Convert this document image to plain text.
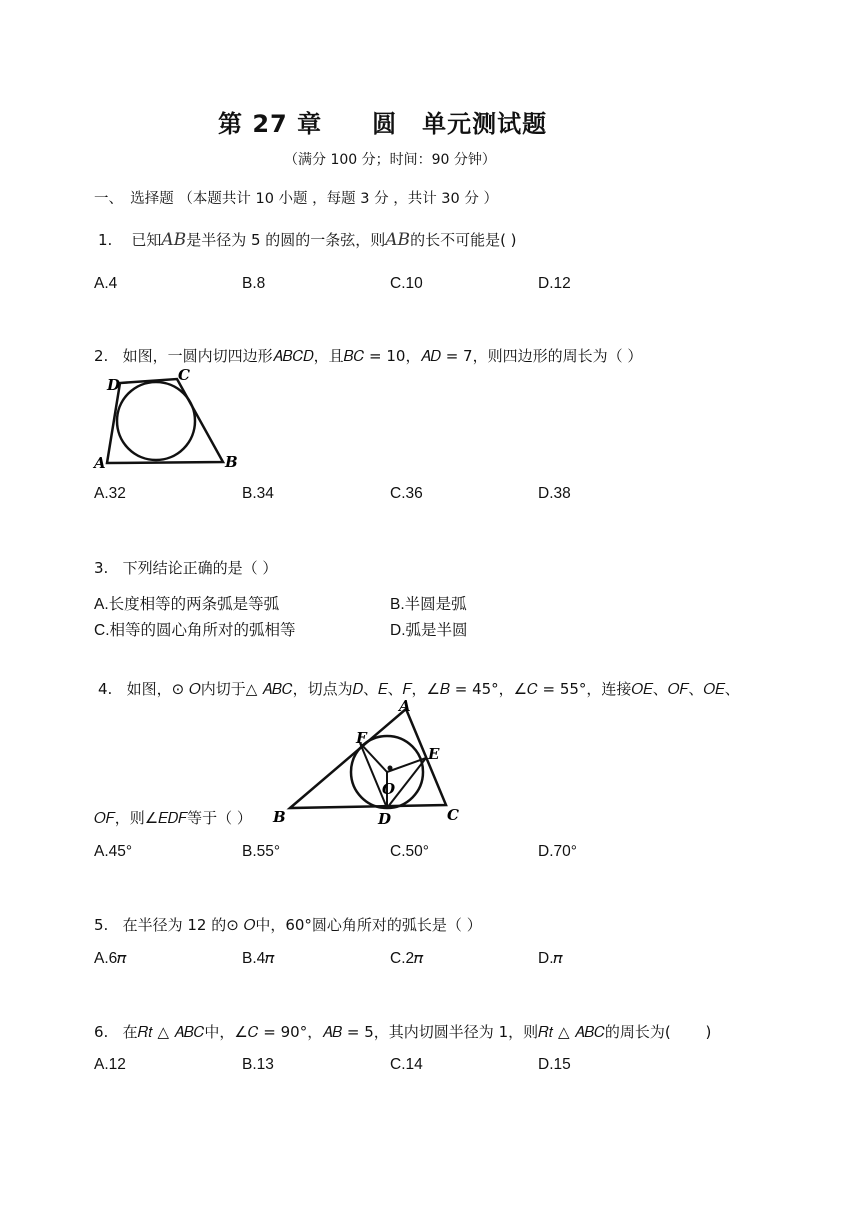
第 27 章　　圆　单元测试题
（满分 100 分；时间：90 分钟）
一、　选择题 （本题共计 10 小题 ，每题 3 分 ，共计 30 分 ）
1. 已知AB是半径为 5 的圆的一条弦，则AB的长不可能是( )
A.4	B.8	C.10	D.12
2. 如图，一圆内切四边形𝐴𝐵𝐶𝐷，且𝐵𝐶 = 10，𝐴𝐷 = 7，则四边形的周长为（ ）
A	B
C
D
A.32	B.34	C.36	D.38
3. 下列结论正确的是（ ）
A.长度相等的两条弧是等弧	B.半圆是弧
C.相等的圆心角所对的弧相等	D.弧是半圆
4. 如图，⊙ 𝑂内切于△ 𝐴𝐵𝐶，切点为𝐷、𝐸、𝐹，∠𝐵 = 45°，∠𝐶 = 55°，连接𝑂𝐸、𝑂𝐹、𝑂𝐸、
A
B	C
D
E
F
O
𝑂𝐹，则∠𝐸𝐷𝐹等于（ ）
A.45°	B.55°	C.50°	D.70°
5. 在半径为 12 的⊙ 𝑂中，60°圆心角所对的弧长是（ ）
A.6𝜋	B.4𝜋	C.2𝜋	D.𝜋
6. 在𝑅𝑡 △ 𝐴𝐵𝐶中，∠𝐶 = 90°，𝐴𝐵 = 5，其内切圆半径为 1，则𝑅𝑡 △ 𝐴𝐵𝐶的周长为(　　 )
A.12	B.13	C.14	D.15
